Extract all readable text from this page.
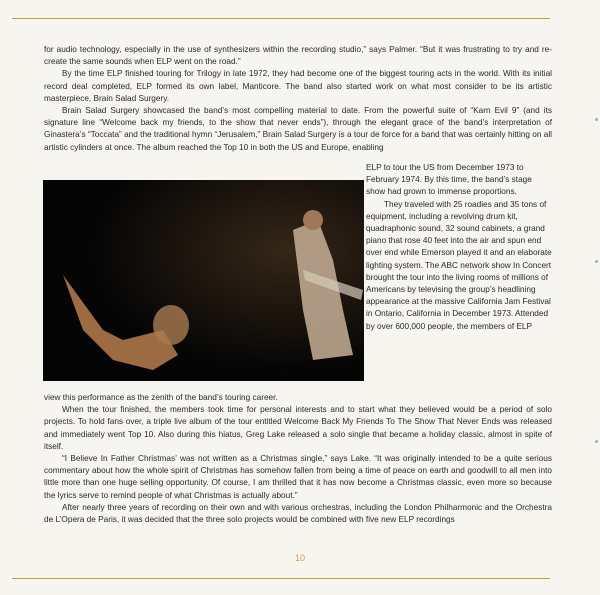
for audio technology, especially in the use of synthesizers within the recording studio,” says Palmer. “But it was frustrating to try and re-create the same sounds when ELP went on the road.”

By the time ELP finished touring for Trilogy in late 1972, they had become one of the biggest touring acts in the world. With its initial record deal completed, ELP formed its own label, Manticore. The band also started work on what most consider to be its artistic masterpiece, Brain Salad Surgery.

Brain Salad Surgery showcased the band’s most compelling material to date. From the powerful suite of “Karn Evil 9” (and its signature line “Welcome back my friends, to the show that never ends”), through the elegant grace of the band’s interpretation of Ginastera’s “Toccata” and the traditional hymn “Jerusalem,” Brain Salad Surgery is a tour de force for a band that was certainly hitting on all artistic cylinders at once. The album reached the Top 10 in both the US and Europe, enabling

ELP to tour the US from December 1973 to February 1974. By this time, the band’s stage show had grown to immense proportions.

They traveled with 25 roadies and 35 tons of equipment, including a revolving drum kit, quadraphonic sound, 32 sound cabinets, a grand piano that rose 40 feet into the air and spun end over end while Emerson played it and an elaborate lighting system. The ABC network show In Concert brought the tour into the living rooms of millions of Americans by televising the group’s headlining appearance at the massive California Jam Festival in Ontario, California in December 1973. Attended by over 600,000 people, the members of ELP

view this performance as the zenith of the band’s touring career.

When the tour finished, the members took time for personal interests and to start what they believed would be a period of solo projects. To hold fans over, a triple live album of the tour entitled Welcome Back My Friends To The Show That Never Ends was released and immediately went Top 10. Also during this hiatus, Greg Lake released a solo single that became a holiday classic, almost in spite of itself.

“I Believe In Father Christmas’ was not written as a Christmas single,” says Lake. “It was originally intended to be a quite serious commentary about how the whole spirit of Christmas has somehow fallen from being a time of peace on earth and goodwill to all men into little more than one huge selling opportunity. Of course, I am thrilled that it has now become a Christmas classic, even more so because the lyrics serve to remind people of what Christmas is actually about.”

After nearly three years of recording on their own and with various orchestras, including the London Philharmonic and the Orchestra de L’Opera de Paris, it was decided that the three solo projects would be combined with five new ELP recordings

10
